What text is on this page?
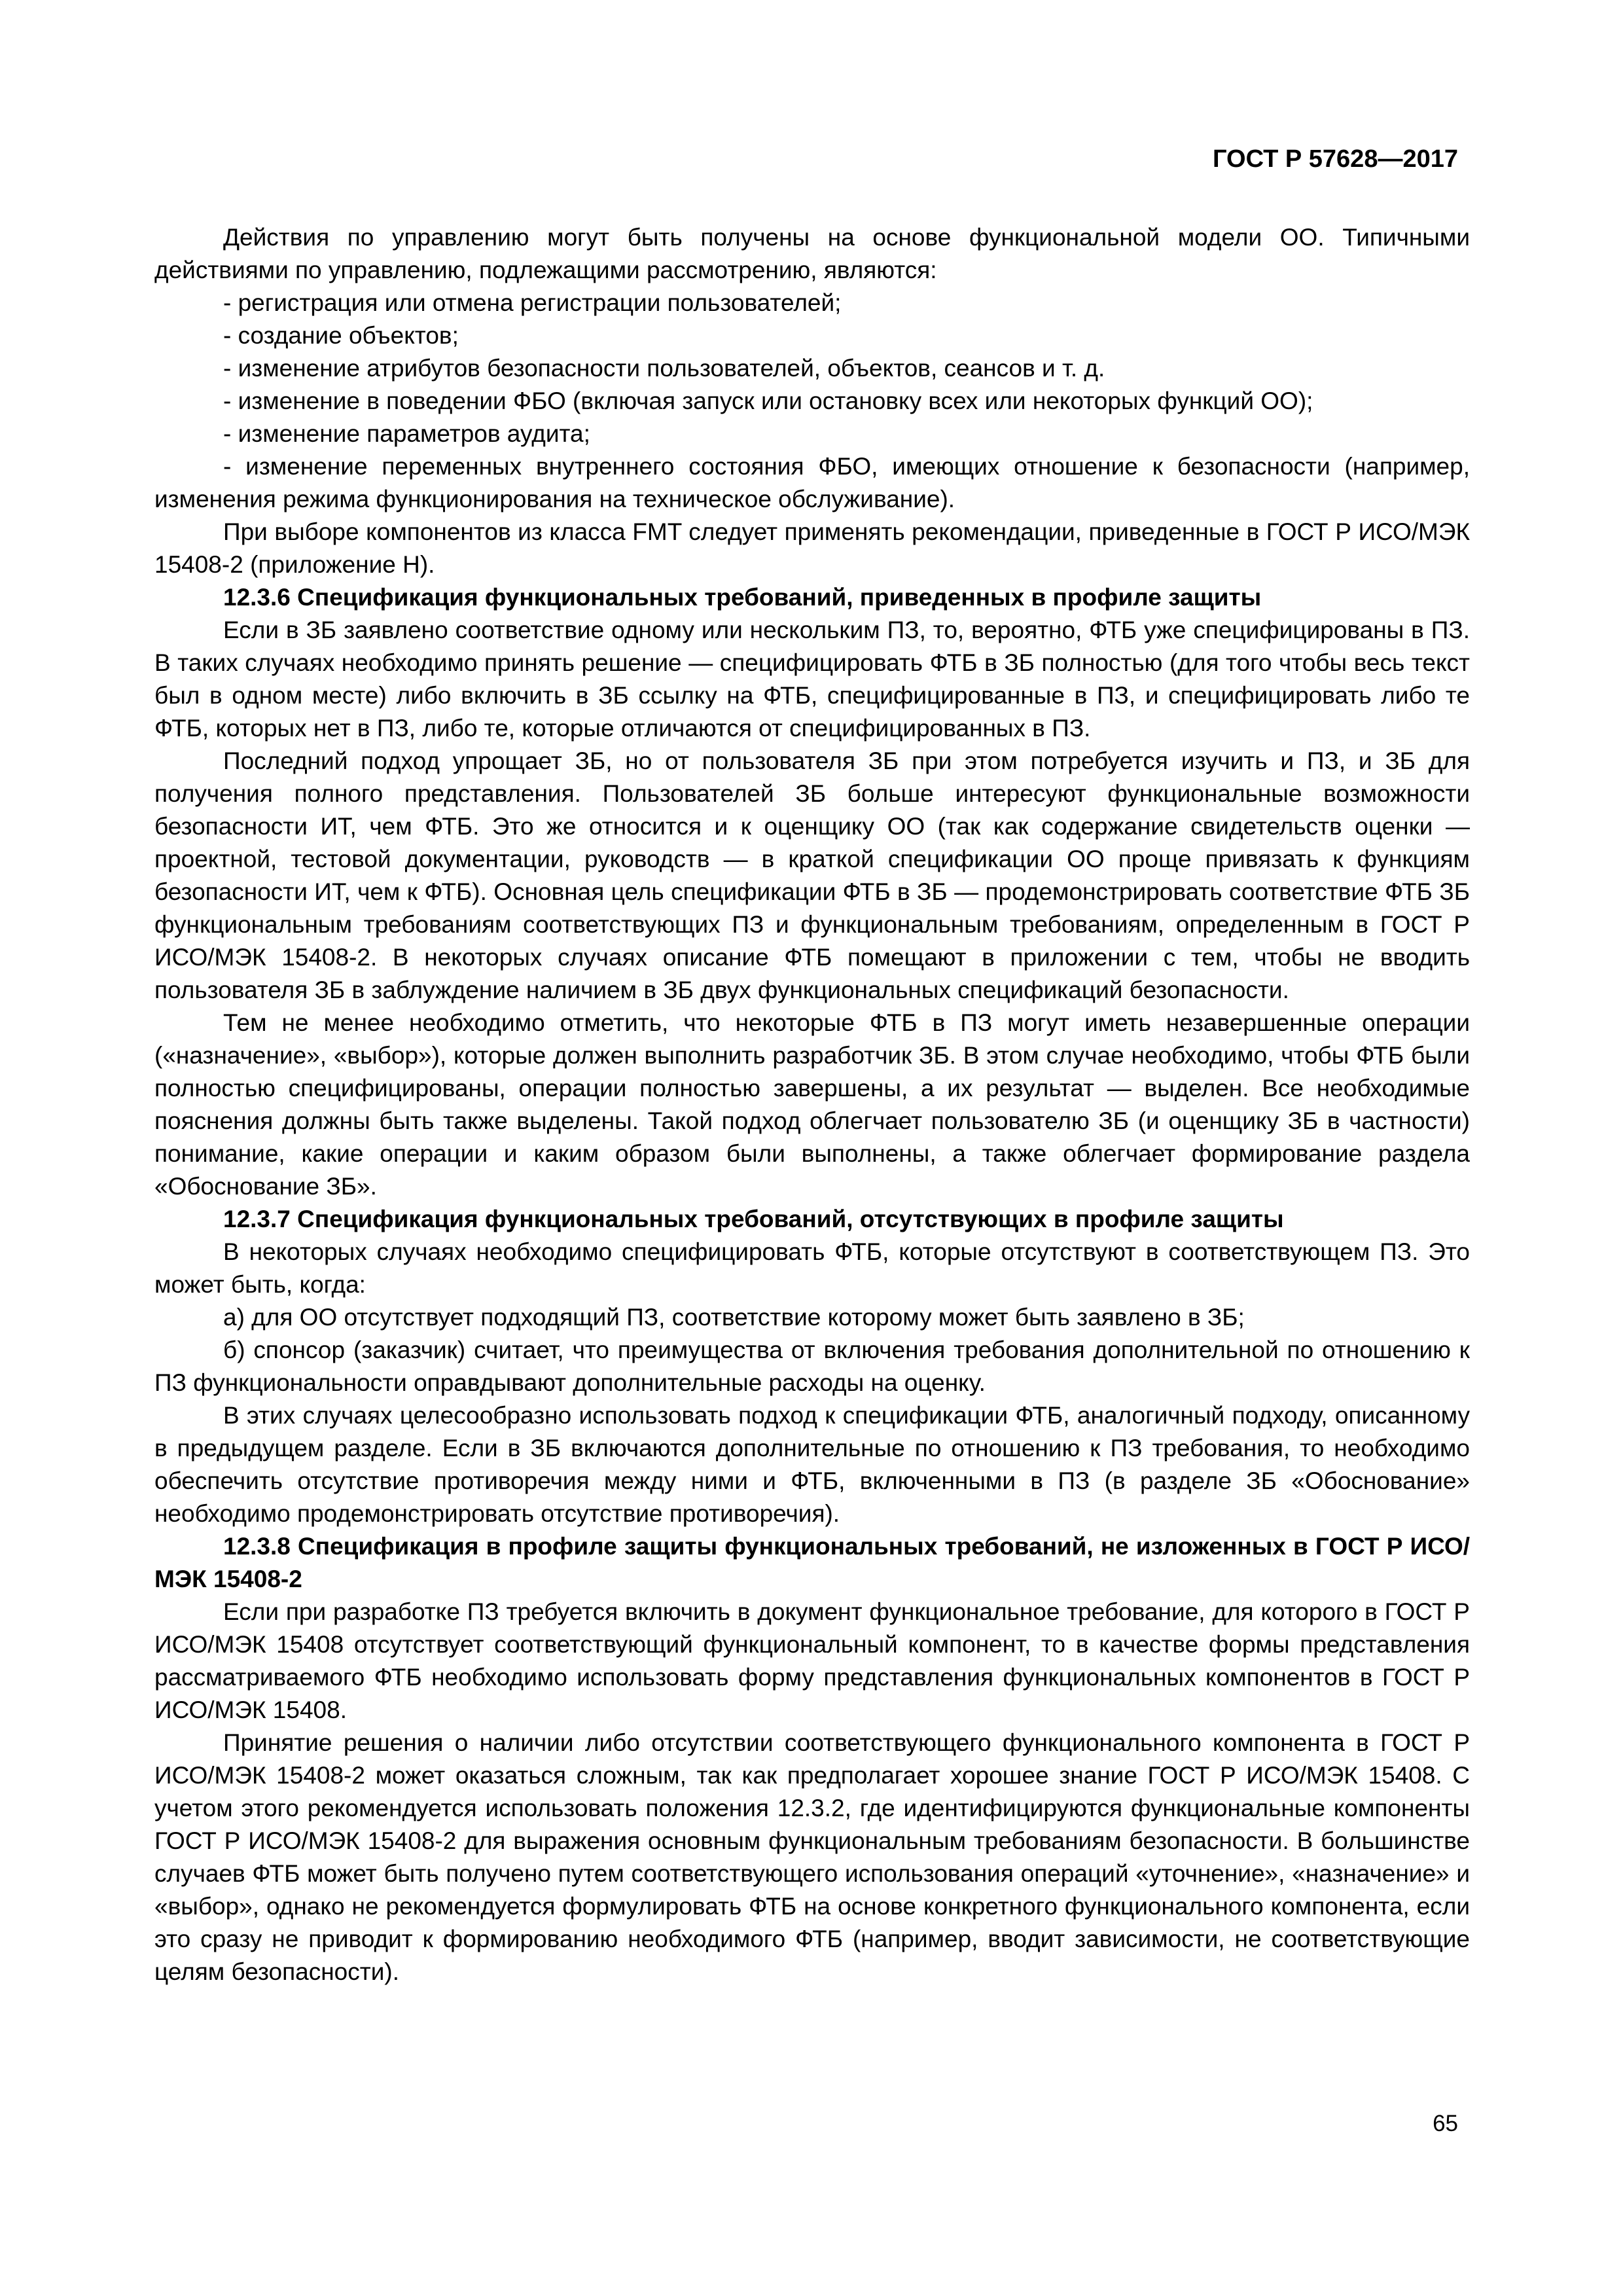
ГОСТ Р 57628—2017

Действия по управлению могут быть получены на основе функциональной модели ОО. Типичными действиями по управлению, подлежащими рассмотрению, являются:

- регистрация или отмена регистрации пользователей;

- создание объектов;

- изменение атрибутов безопасности пользователей, объектов, сеансов и т. д.

- изменение в поведении ФБО (включая запуск или остановку всех или некоторых функций ОО);

- изменение параметров аудита;

- изменение переменных внутреннего состояния ФБО, имеющих отношение к безопасности (например, изменения режима функционирования на техническое обслуживание).

При выборе компонентов из класса FMT следует применять рекомендации, приведенные в ГОСТ Р ИСО/МЭК 15408-2 (приложение Н).

12.3.6 Спецификация функциональных требований, приведенных в профиле защиты

Если в ЗБ заявлено соответствие одному или нескольким ПЗ, то, вероятно, ФТБ уже специфицированы в ПЗ. В таких случаях необходимо принять решение — специфицировать ФТБ в ЗБ полностью (для того чтобы весь текст был в одном месте) либо включить в ЗБ ссылку на ФТБ, специфицированные в ПЗ, и специфицировать либо те ФТБ, которых нет в ПЗ, либо те, которые отличаются от специфицированных в ПЗ.

Последний подход упрощает ЗБ, но от пользователя ЗБ при этом потребуется изучить и ПЗ, и ЗБ для получения полного представления. Пользователей ЗБ больше интересуют функциональные возможности безопасности ИТ, чем ФТБ. Это же относится и к оценщику ОО (так как содержание свидетельств оценки — проектной, тестовой документации, руководств — в краткой спецификации ОО проще привязать к функциям безопасности ИТ, чем к ФТБ). Основная цель спецификации ФТБ в ЗБ — продемонстрировать соответствие ФТБ ЗБ функциональным требованиям соответствующих ПЗ и функциональным требованиям, определенным в ГОСТ Р ИСО/МЭК 15408-2. В некоторых случаях описание ФТБ помещают в приложении с тем, чтобы не вводить пользователя ЗБ в заблуждение наличием в ЗБ двух функциональных спецификаций безопасности.

Тем не менее необходимо отметить, что некоторые ФТБ в ПЗ могут иметь незавершенные операции («назначение», «выбор»), которые должен выполнить разработчик ЗБ. В этом случае необходимо, чтобы ФТБ были полностью специфицированы, операции полностью завершены, а их результат — выделен. Все необходимые пояснения должны быть также выделены. Такой подход облегчает пользователю ЗБ (и оценщику ЗБ в частности) понимание, какие операции и каким образом были выполнены, а также облегчает формирование раздела «Обоснование ЗБ».

12.3.7 Спецификация функциональных требований, отсутствующих в профиле защиты

В некоторых случаях необходимо специфицировать ФТБ, которые отсутствуют в соответствующем ПЗ. Это может быть, когда:

а) для ОО отсутствует подходящий ПЗ, соответствие которому может быть заявлено в ЗБ;

б) спонсор (заказчик) считает, что преимущества от включения требования дополнительной по отношению к ПЗ функциональности оправдывают дополнительные расходы на оценку.

В этих случаях целесообразно использовать подход к спецификации ФТБ, аналогичный подходу, описанному в предыдущем разделе. Если в ЗБ включаются дополнительные по отношению к ПЗ требования, то необходимо обеспечить отсутствие противоречия между ними и ФТБ, включенными в ПЗ (в разделе ЗБ «Обоснование» необходимо продемонстрировать отсутствие противоречия).

12.3.8 Спецификация в профиле защиты функциональных требований, не изложенных в ГОСТ Р ИСО/МЭК 15408-2

Если при разработке ПЗ требуется включить в документ функциональное требование, для которого в ГОСТ Р ИСО/МЭК 15408 отсутствует соответствующий функциональный компонент, то в качестве формы представления рассматриваемого ФТБ необходимо использовать форму представления функциональных компонентов в ГОСТ Р ИСО/МЭК 15408.

Принятие решения о наличии либо отсутствии соответствующего функционального компонента в ГОСТ Р ИСО/МЭК 15408-2 может оказаться сложным, так как предполагает хорошее знание ГОСТ Р ИСО/МЭК 15408. С учетом этого рекомендуется использовать положения 12.3.2, где идентифицируются функциональные компоненты ГОСТ Р ИСО/МЭК 15408-2 для выражения основным функциональным требованиям безопасности. В большинстве случаев ФТБ может быть получено путем соответствующего использования операций «уточнение», «назначение» и «выбор», однако не рекомендуется формулировать ФТБ на основе конкретного функционального компонента, если это сразу не приводит к формированию необходимого ФТБ (например, вводит зависимости, не соответствующие целям безопасности).

65
